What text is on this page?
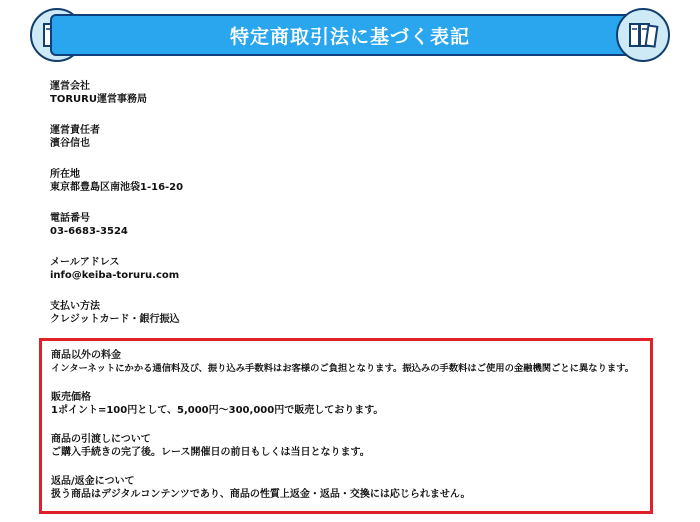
特定商取引法に基づく表記
運営会社
TORURU運営事務局
運営責任者
濱谷信也
所在地
東京都豊島区南池袋1-16-20
電話番号
03-6683-3524
メールアドレス
info@keiba-toruru.com
支払い方法
クレジットカード・銀行振込
商品以外の料金
インターネットにかかる通信料及び、振り込み手数料はお客様のご負担となります。振込みの手数料はご使用の金融機関ごとに異なります。
販売価格
1ポイント=100円として、5,000円〜300,000円で販売しております。
商品の引渡しについて
ご購入手続きの完了後。レース開催日の前日もしくは当日となります。
返品/返金について
扱う商品はデジタルコンテンツであり、商品の性質上返金・返品・交換には応じられません。
